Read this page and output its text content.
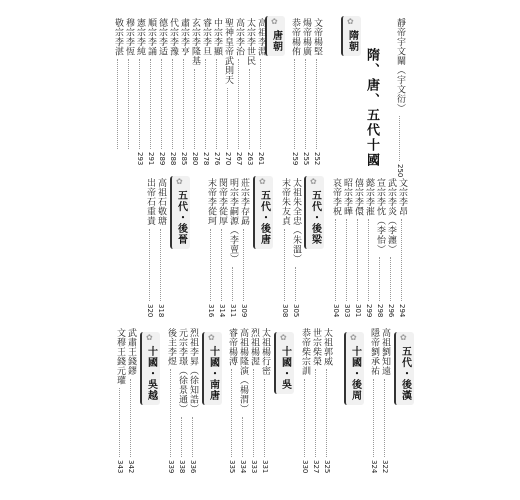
隋、唐、五代十國 靜帝宇文闡（宇文衍）
250
✿
隋朝
文帝楊堅
252
煬帝楊廣
255
恭帝楊侑
259
✿
唐朝
高祖李淵
261
太宗李世民
263
高宗李治
267
聖神皇帝武則天
270
中宗李顯
276
睿宗李旦
278
玄宗李隆基
280
肅宗李亨
285
代宗李豫
288
德宗李适
289
順宗李誦
291
憲宗李純
293
穆宗李恆
敬宗李湛
文宗李昂
294
武宗李炎（李瀍）
296
宣宗李忱（李怡）
298
懿宗李漼
299
僖宗李儇
301
昭宗李曄
303
哀帝李柷
304
✿
五代・後梁
太祖朱全忠（朱溫）
305
末帝朱友貞
308
✿
五代・後唐
莊宗李存勗
309
明宗李嗣源（李亶）
311
閔帝李從厚
314
末帝李從珂
316
✿
五代・後晉
高祖石敬瑭
318
出帝石重貴
320
✿
五代・後漢
高祖劉知遠
322
隱帝劉承祐
324
✿
十國・後周
太祖郭威
325
世宗柴榮
327
恭帝柴宗訓
330
✿
十國・吳
太祖楊行密
331
烈祖楊渥
333
高祖楊隆演（楊渭）
334
睿帝楊溥
335
✿
十國・南唐
烈祖李昪（徐知誥）
336
元宗李璟（徐景通）
338
後主李煜
339
✿
十國・吳越
武肅王錢鏐
342
文穆王錢元瓘
343
